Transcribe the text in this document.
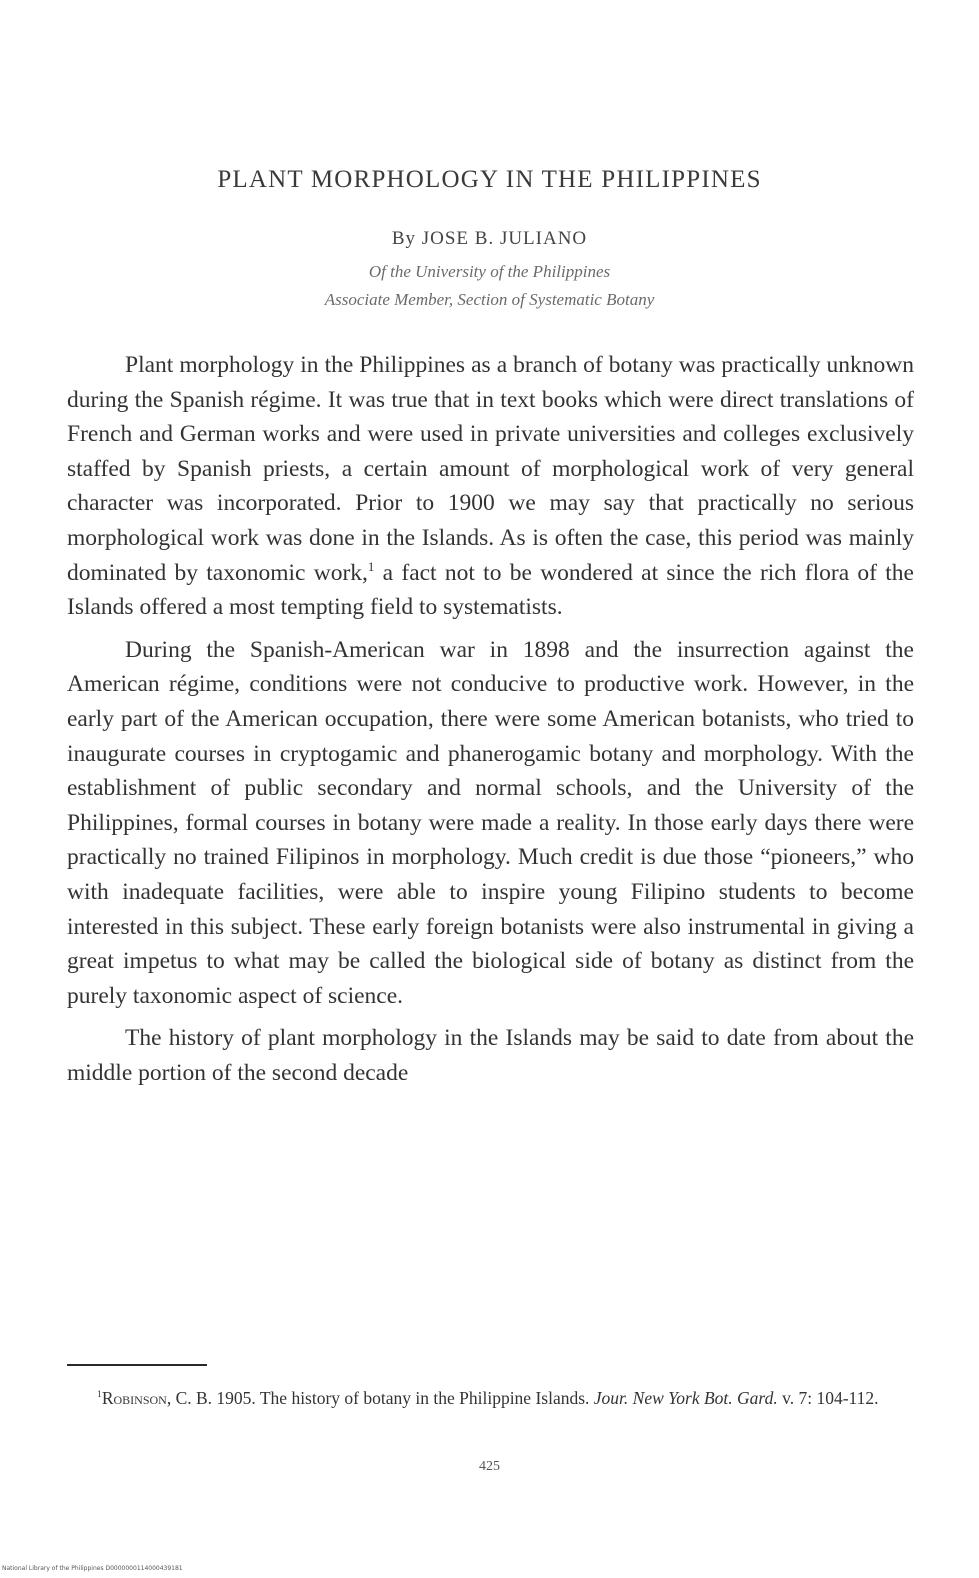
PLANT MORPHOLOGY IN THE PHILIPPINES
By JOSE B. JULIANO
Of the University of the Philippines
Associate Member, Section of Systematic Botany

Plant morphology in the Philippines as a branch of botany was practically unknown during the Spanish régime. It was true that in text books which were direct translations of French and German works and were used in private universities and colleges exclusively staffed by Spanish priests, a certain amount of morphological work of very general character was incorporated. Prior to 1900 we may say that practically no serious morphological work was done in the Islands. As is often the case, this period was mainly dominated by taxonomic work,$^1$ a fact not to be wondered at since the rich flora of the Islands offered a most tempting field to systematists.

During the Spanish-American war in 1898 and the insurrection against the American régime, conditions were not conducive to productive work. However, in the early part of the American occupation, there were some American botanists, who tried to inaugurate courses in cryptogamic and phanerogamic botany and morphology. With the establishment of public secondary and normal schools, and the University of the Philippines, formal courses in botany were made a reality. In those early days there were practically no trained Filipinos in morphology. Much credit is due those “pioneers,” who with inadequate facilities, were able to inspire young Filipino students to become interested in this subject. These early foreign botanists were also instrumental in giving a great impetus to what may be called the biological side of botany as distinct from the purely taxonomic aspect of science.

The history of plant morphology in the Islands may be said to date from about the middle portion of the second decade

$^1$Robinson, C. B. 1905. The history of botany in the Philippine Islands. Jour. New York Bot. Gard. v. 7: 104-112.
425
National Library of the Philippines D0000000114000439181
